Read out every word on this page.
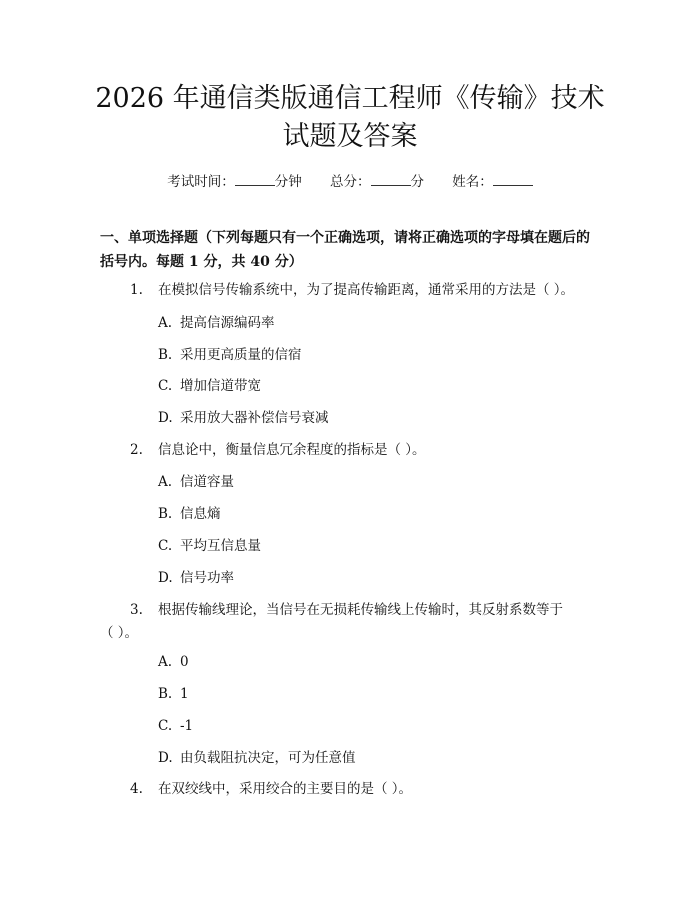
2026 年通信类版通信工程师《传输》技术试题及答案
考试时间：	分钟 总分：	分 姓名：

一、单项选择题（下列每题只有一个正确选项，请将正确选项的字母填在题后的括号内。每题 1 分，共 40 分）

1. 在模拟信号传输系统中，为了提高传输距离，通常采用的方法是（ ）。
A. 提高信源编码率
B. 采用更高质量的信宿
C. 增加信道带宽
D. 采用放大器补偿信号衰减
2. 信息论中，衡量信息冗余程度的指标是（ ）。
A. 信道容量
B. 信息熵
C. 平均互信息量
D. 信号功率
3. 根据传输线理论，当信号在无损耗传输线上传输时，其反射系数等于
（ ）。
A. 0
B. 1
C. -1
D. 由负载阻抗决定，可为任意值
4. 在双绞线中，采用绞合的主要目的是（ ）。
